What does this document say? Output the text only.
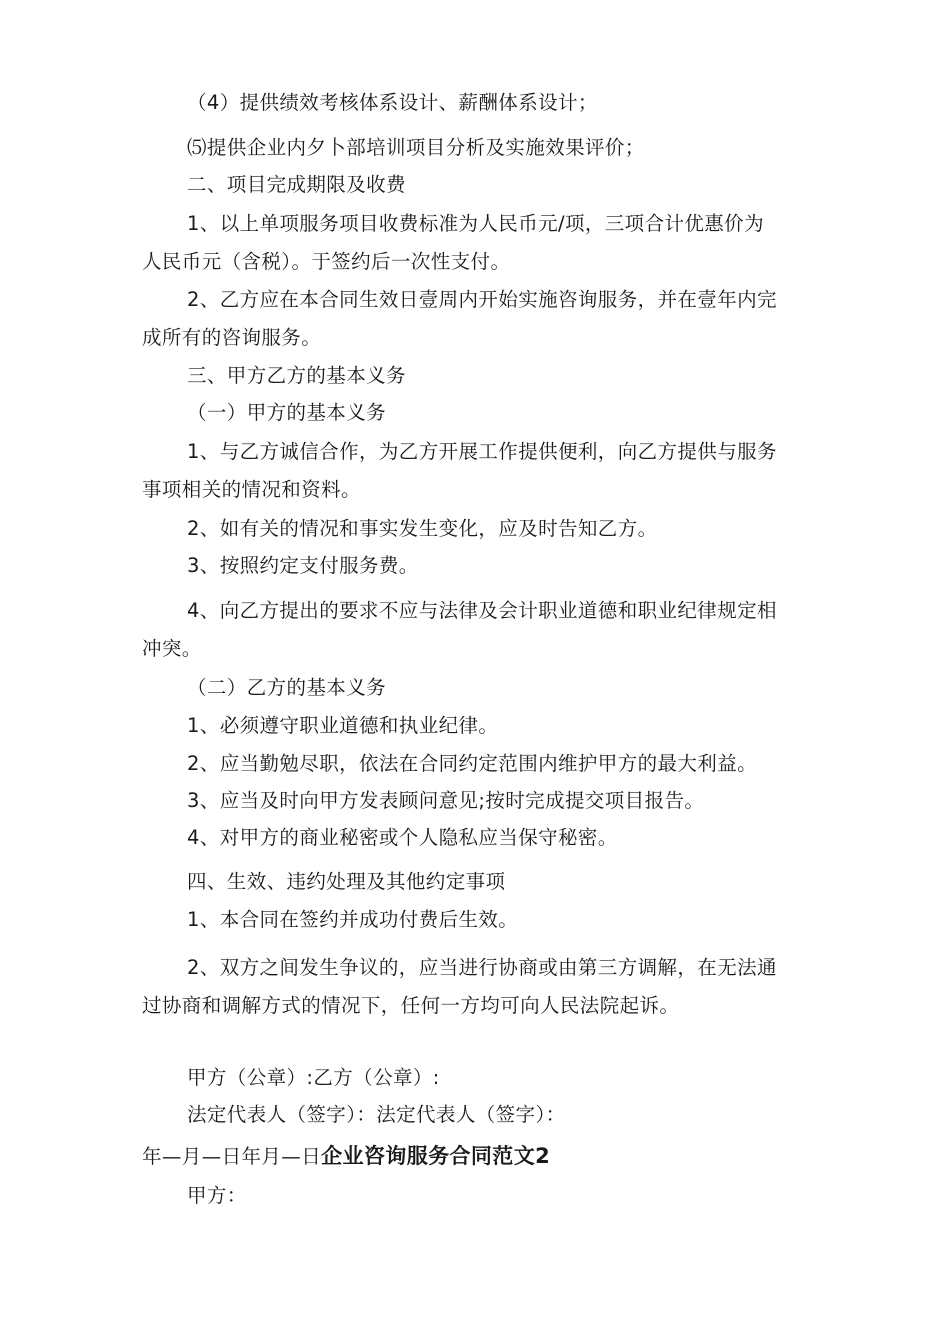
（4）提供绩效考核体系设计、薪酬体系设计；
⑸提供企业内夕卜部培训项目分析及实施效果评价；
二、项目完成期限及收费
1、以上单项服务项目收费标准为人民币元/项，三项合计优惠价为
人民币元（含税）。于签约后一次性支付。
2、乙方应在本合同生效日壹周内开始实施咨询服务，并在壹年内完
成所有的咨询服务。
三、甲方乙方的基本义务
（一）甲方的基本义务
1、与乙方诚信合作，为乙方开展工作提供便利，向乙方提供与服务
事项相关的情况和资料。
2、如有关的情况和事实发生变化，应及时告知乙方。
3、按照约定支付服务费。
4、向乙方提出的要求不应与法律及会计职业道德和职业纪律规定相
冲突。
（二）乙方的基本义务
1、必须遵守职业道德和执业纪律。
2、应当勤勉尽职，依法在合同约定范围内维护甲方的最大利益。
3、应当及时向甲方发表顾问意见;按时完成提交项目报告。
4、对甲方的商业秘密或个人隐私应当保守秘密。
四、生效、违约处理及其他约定事项
1、本合同在签约并成功付费后生效。
2、双方之间发生争议的，应当进行协商或由第三方调解，在无法通
过协商和调解方式的情况下，任何一方均可向人民法院起诉。
甲方（公章）:乙方（公章）:
法定代表人（签字）：法定代表人（签字）：
年—月—日年月—日企业咨询服务合同范文2
甲方：
